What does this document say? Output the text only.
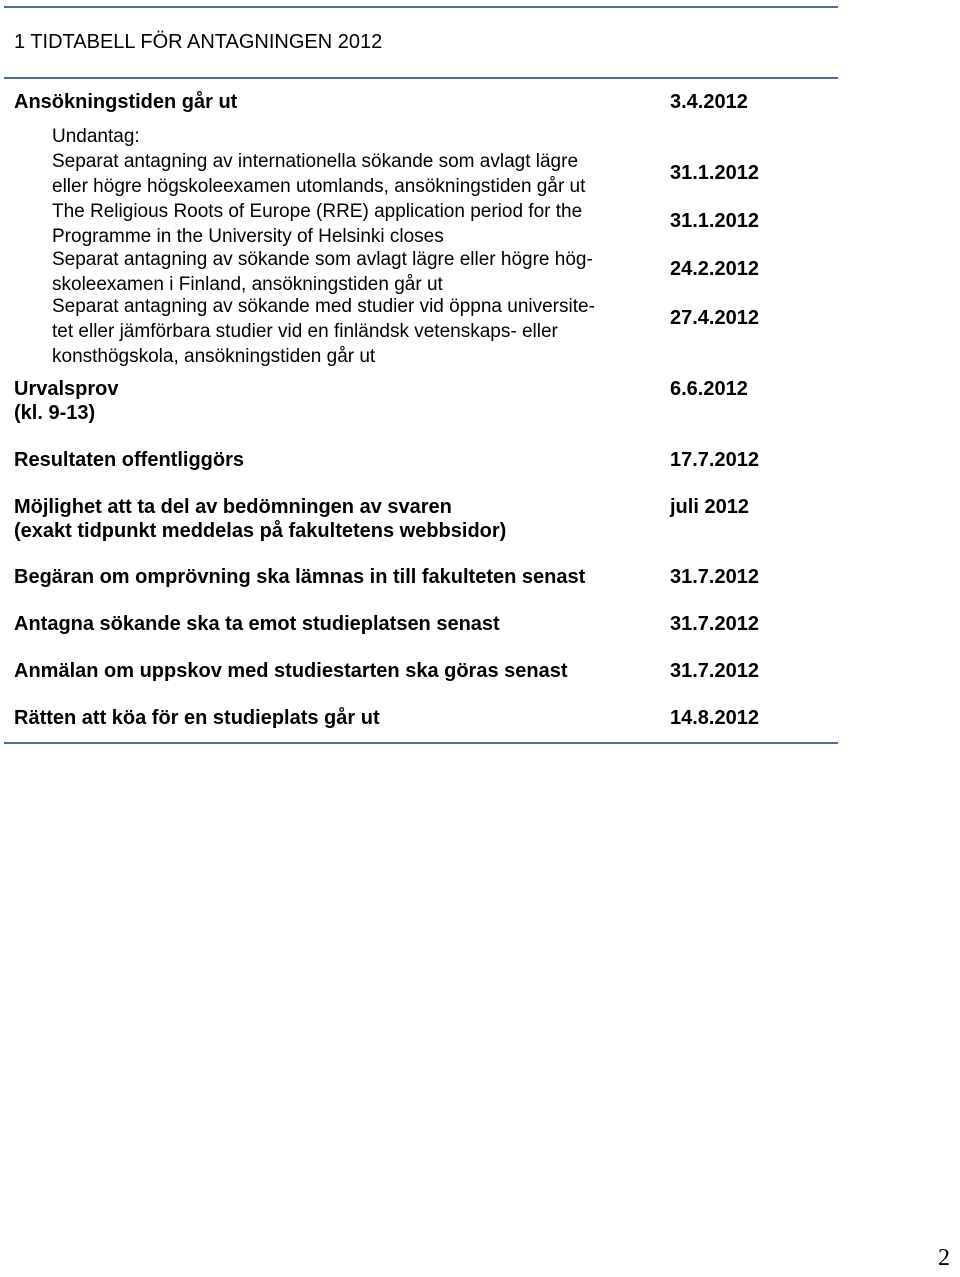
1 TIDTABELL FÖR ANTAGNINGEN 2012
Ansökningstiden går ut	3.4.2012
Undantag:
Separat antagning av internationella sökande som avlagt lägre
eller högre högskoleexamen utomlands, ansökningstiden går ut
31.1.2012
The Religious Roots of Europe (RRE) application period for the
Programme in the University of Helsinki closes
31.1.2012
Separat antagning av sökande som avlagt lägre eller högre hög-
skoleexamen i Finland, ansökningstiden går ut
24.2.2012
Separat antagning av sökande med studier vid öppna universite-
tet eller jämförbara studier vid en finländsk vetenskaps- eller
konsthögskola, ansökningstiden går ut
27.4.2012
Urvalsprov
(kl. 9-13)
6.6.2012
Resultaten offentliggörs	17.7.2012
Möjlighet att ta del av bedömningen av svaren
(exakt tidpunkt meddelas på fakultetens webbsidor)
juli 2012
Begäran om omprövning ska lämnas in till fakulteten senast	31.7.2012
Antagna sökande ska ta emot studieplatsen senast	31.7.2012
Anmälan om uppskov med studiestarten ska göras senast	31.7.2012
Rätten att köa för en studieplats går ut	14.8.2012
2
